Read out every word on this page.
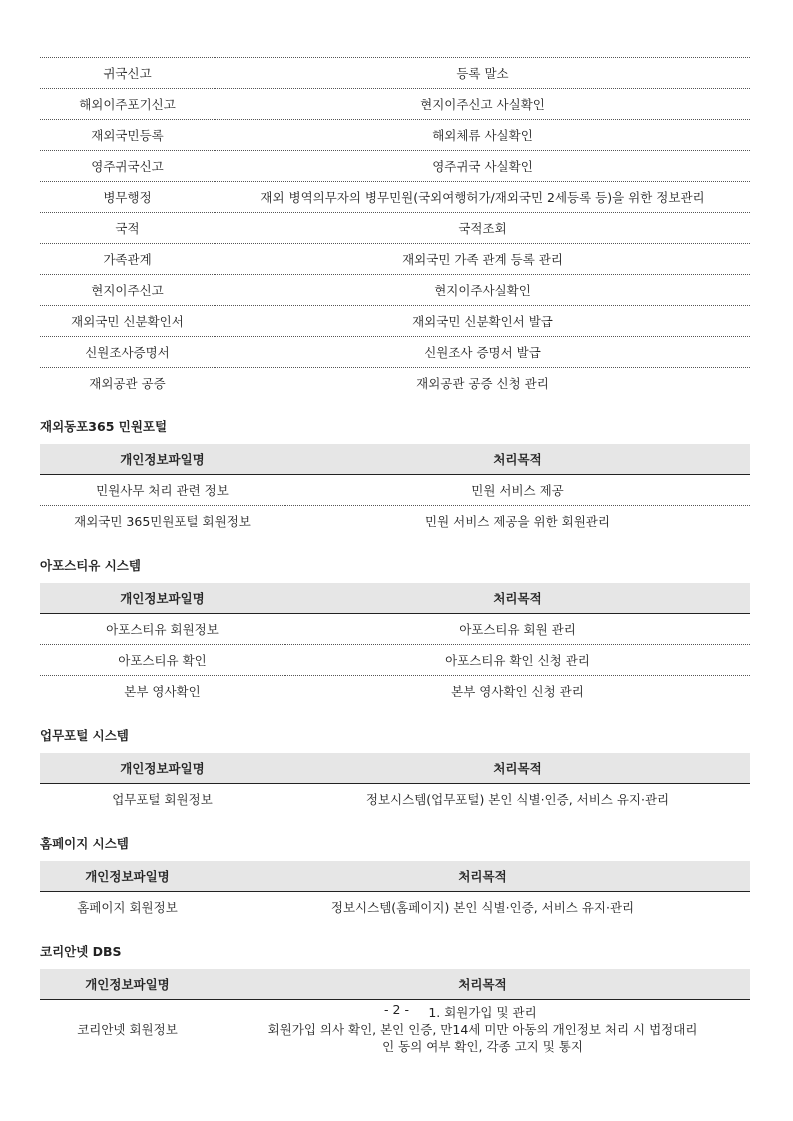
귀국신고	등록 말소
해외이주포기신고	현지이주신고 사실확인
재외국민등록	해외체류 사실확인
영주귀국신고	영주귀국 사실확인
병무행정	재외 병역의무자의 병무민원(국외여행허가/재외국민 2세등록 등)을 위한 정보관리
국적	국적조회
가족관계	재외국민 가족 관계 등록 관리
현지이주신고	현지이주사실확인
재외국민 신분확인서	재외국민 신분확인서 발급
신원조사증명서	신원조사 증명서 발급
재외공관 공증	재외공관 공증 신청 관리

재외동포365 민원포털

개인정보파일명	처리목적
민원사무 처리 관련 정보	민원 서비스 제공
재외국민 365민원포털 회원정보	민원 서비스 제공을 위한 회원관리

아포스티유 시스템

개인정보파일명	처리목적
아포스티유 회원정보	아포스티유 회원 관리
아포스티유 확인	아포스티유 확인 신청 관리
본부 영사확인	본부 영사확인 신청 관리

업무포털 시스템

개인정보파일명	처리목적
업무포털 회원정보	정보시스템(업무포털) 본인 식별·인증, 서비스 유지·관리

홈페이지 시스템

개인정보파일명	처리목적
홈페이지 회원정보	정보시스템(홈페이지) 본인 식별·인증, 서비스 유지·관리

코리안넷 DBS

개인정보파일명	처리목적
코리안넷 회원정보	1. 회원가입 및 관리
회원가입 의사 확인, 본인 인증, 만14세 미만 아동의 개인정보 처리 시 법정대리
인 동의 여부 확인, 각종 고지 및 통지
- 2 -
